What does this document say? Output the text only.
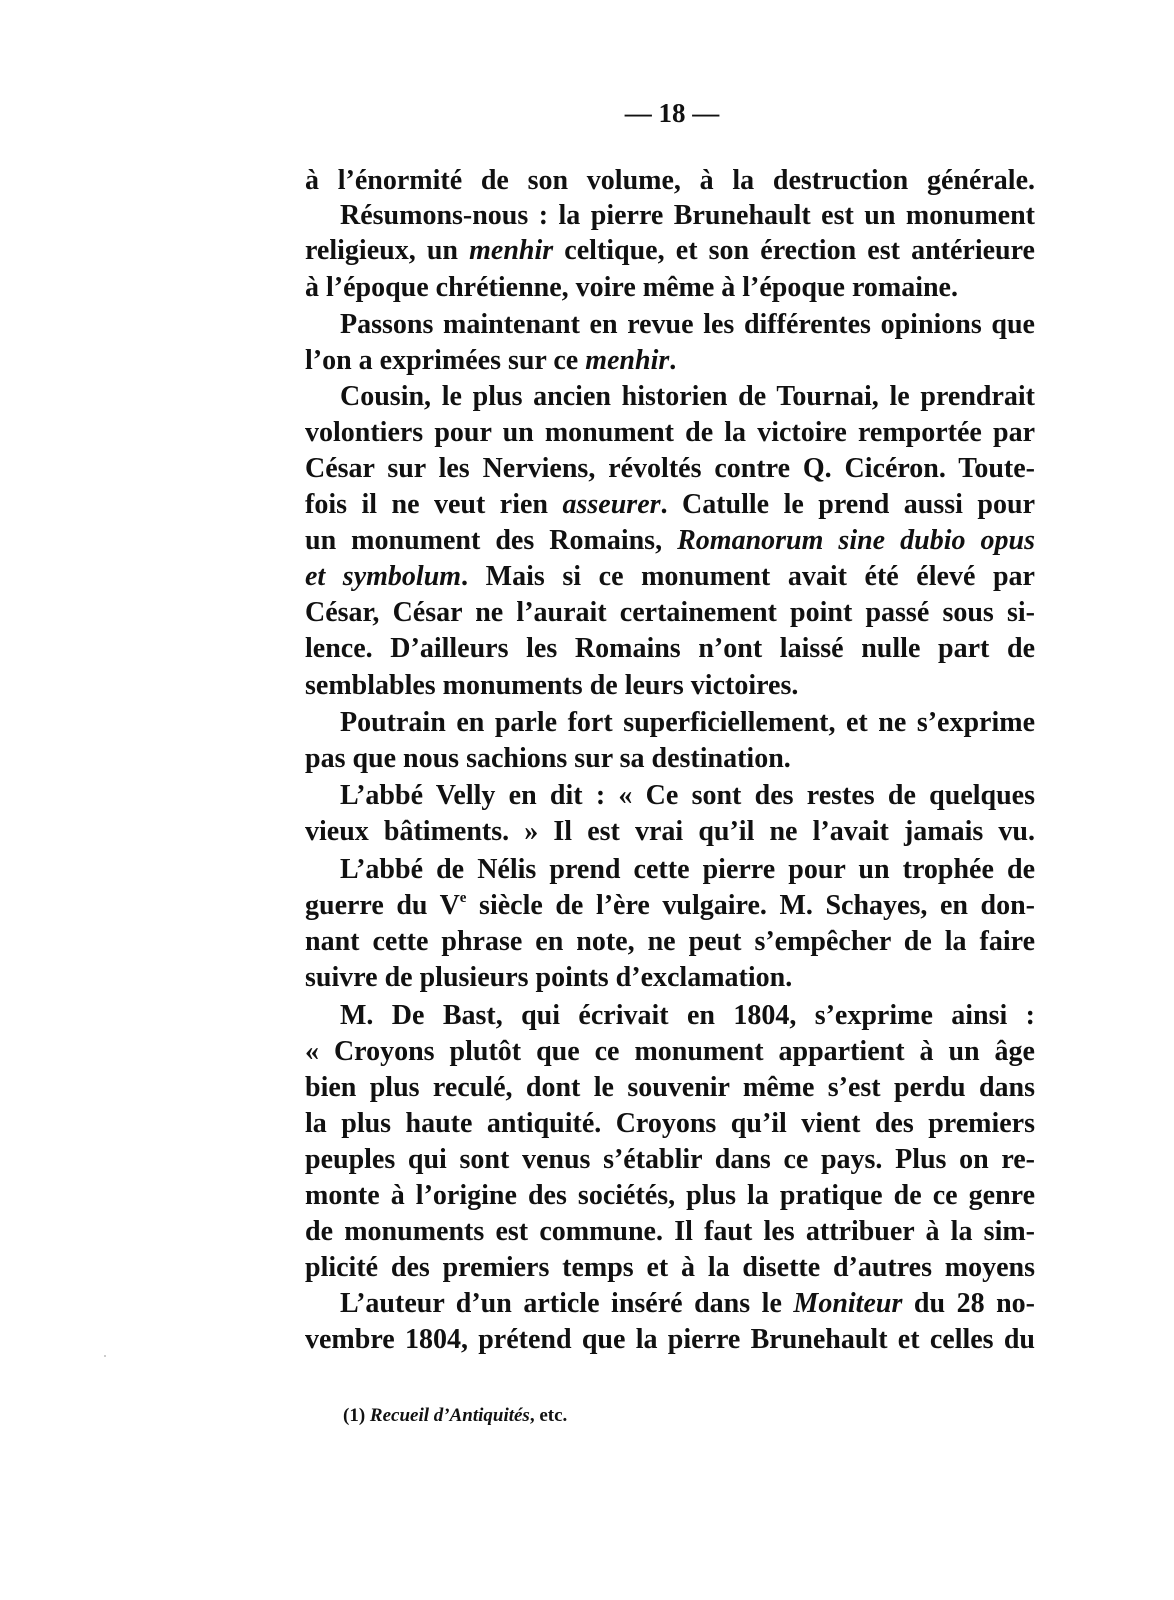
— 18 —
à l’énormité de son volume, à la destruction générale.
Résumons-nous : la pierre Brunehault est un monument
religieux, un menhir celtique, et son érection est antérieure
à l’époque chrétienne, voire même à l’époque romaine.
Passons maintenant en revue les différentes opinions que
l’on a exprimées sur ce menhir.
Cousin, le plus ancien historien de Tournai, le prendrait
volontiers pour un monument de la victoire remportée par
César sur les Nerviens, révoltés contre Q. Cicéron. Toute-
fois il ne veut rien asseurer. Catulle le prend aussi pour
un monument des Romains, Romanorum sine dubio opus
et symbolum. Mais si ce monument avait été élevé par
César, César ne l’aurait certainement point passé sous si-
lence. D’ailleurs les Romains n’ont laissé nulle part de
semblables monuments de leurs victoires.
Poutrain en parle fort superficiellement, et ne s’exprime
pas que nous sachions sur sa destination.
L’abbé Velly en dit : « Ce sont des restes de quelques
vieux bâtiments. » Il est vrai qu’il ne l’avait jamais vu.
L’abbé de Nélis prend cette pierre pour un trophée de
guerre du Ve siècle de l’ère vulgaire. M. Schayes, en don-
nant cette phrase en note, ne peut s’empêcher de la faire
suivre de plusieurs points d’exclamation.
M. De Bast, qui écrivait en 1804, s’exprime ainsi :
« Croyons plutôt que ce monument appartient à un âge
bien plus reculé, dont le souvenir même s’est perdu dans
la plus haute antiquité. Croyons qu’il vient des premiers
peuples qui sont venus s’établir dans ce pays. Plus on re-
monte à l’origine des sociétés, plus la pratique de ce genre
de monuments est commune. Il faut les attribuer à la sim-
plicité des premiers temps et à la disette d’autres moyens
L’auteur d’un article inséré dans le Moniteur du 28 no-
vembre 1804, prétend que la pierre Brunehault et celles du
(1) Recueil d’Antiquités, etc.
